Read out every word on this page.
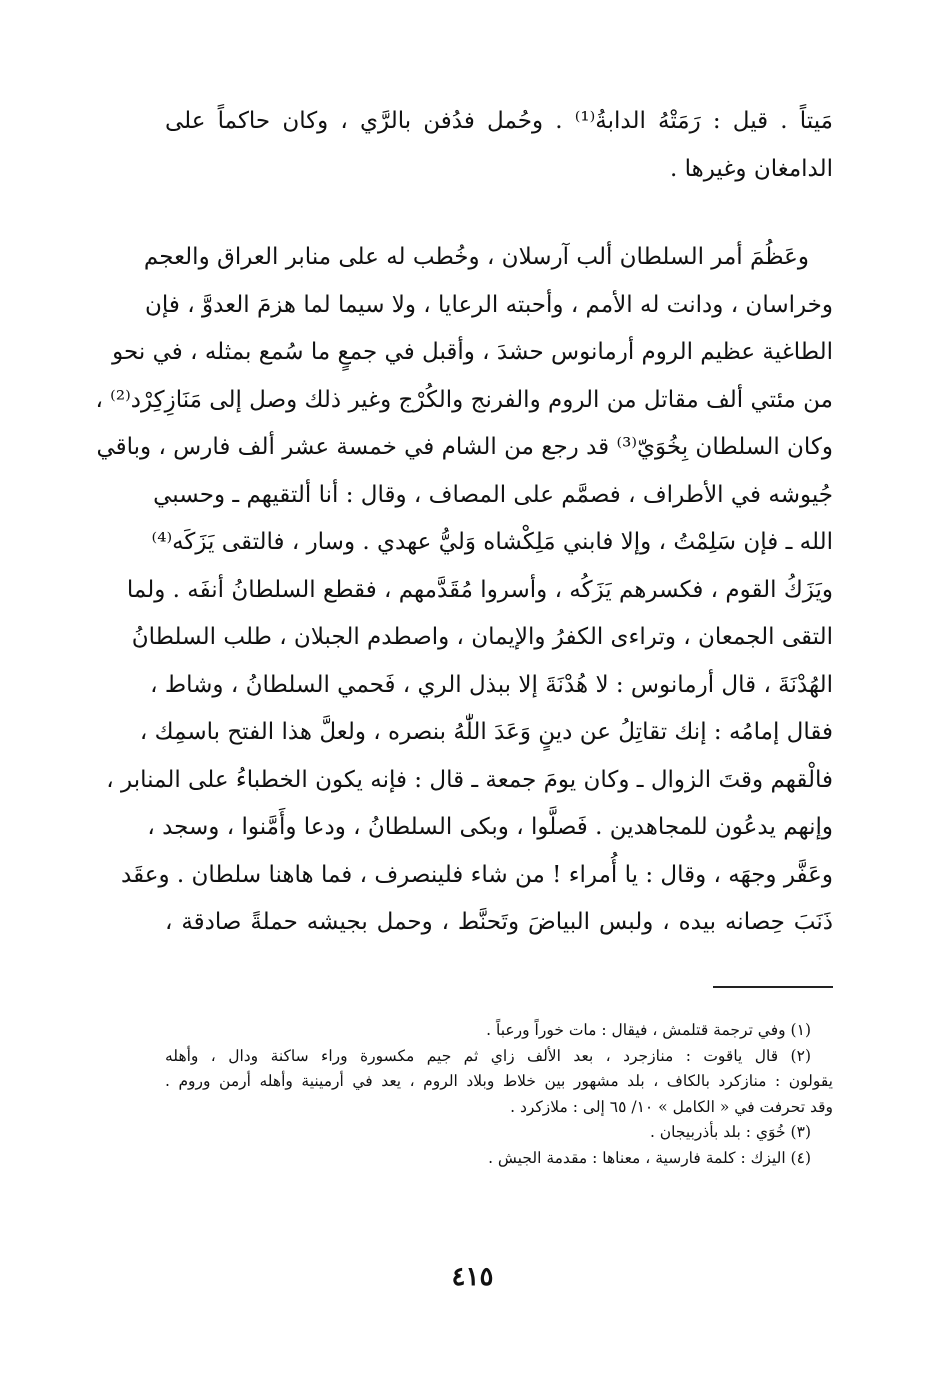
مَيتاً . قيل : رَمَتْهُ الدابةُ⁽¹⁾ . وحُمل فدُفن بالرَّي ، وكان حاكماً على
الدامغان وغيرها .
وعَظُمَ أمر السلطان ألب آرسلان ، وخُطب له على منابر العراق والعجم
وخراسان ، ودانت له الأمم ، وأحبته الرعايا ، ولا سيما لما هزمَ العدوَّ ، فإن
الطاغية عظيم الروم أرمانوس حشدَ ، وأقبل في جمعٍ ما سُمع بمثله ، في نحو
من مئتي ألف مقاتل من الروم والفرنج والكُرْج وغير ذلك وصل إلى مَنَازِكِرْد⁽²⁾ ،
وكان السلطان بِخُوَيّ⁽³⁾ قد رجع من الشام في خمسة عشر ألف فارس ، وباقي
جُيوشه في الأطراف ، فصمَّم على المصاف ، وقال : أنا ألتقيهم ـ وحسبي
الله ـ فإن سَلِمْتُ ، وإلا فابني مَلِكْشاه وَليُّ عهدي . وسار ، فالتقى يَزَكَه⁽⁴⁾
ويَزَكُ القوم ، فكسرهم يَزَكُه ، وأسروا مُقَدَّمهم ، فقطع السلطانُ أنفَه . ولما
التقى الجمعان ، وتراءى الكفرُ والإيمان ، واصطدم الجبلان ، طلب السلطانُ
الهُدْنَةَ ، قال أرمانوس : لا هُدْنَةَ إلا ببذل الري ، فَحمي السلطانُ ، وشاط ،
فقال إمامُه : إنك تقاتِلُ عن دينٍ وَعَدَ اللّٰهُ بنصره ، ولعلَّ هذا الفتح باسمِك ،
فالْقهم وقتَ الزوال ـ وكان يومَ جمعة ـ قال : فإنه يكون الخطباءُ على المنابر ،
وإنهم يدعُون للمجاهدين . فَصلَّوا ، وبكى السلطانُ ، ودعا وأَمَّنوا ، وسجد ،
وعَفَّر وجهَه ، وقال : يا أُمراء ! من شاء فلينصرف ، فما هاهنا سلطان . وعقَد
ذَنَبَ حِصانه بيده ، ولبس البياضَ وتَحنَّط ، وحمل بجيشه حملةً صادقة ،
(١) وفي ترجمة قتلمش ، فيقال : مات خوراً ورعباً .
(٢) قال ياقوت : منازجرد ، بعد الألف زاي ثم جيم مكسورة وراء ساكنة ودال ، وأهله
يقولون : منازكرد بالكاف ، بلد مشهور بين خلاط وبلاد الروم ، يعد في أرمينية وأهله أرمن وروم .
وقد تحرفت في « الكامل » ١٠/ ٦٥ إلى : ملازكرد .
(٣) خُوَي : بلد بأذربيجان .
(٤) اليزك : كلمة فارسية ، معناها : مقدمة الجيش .
٤١٥
